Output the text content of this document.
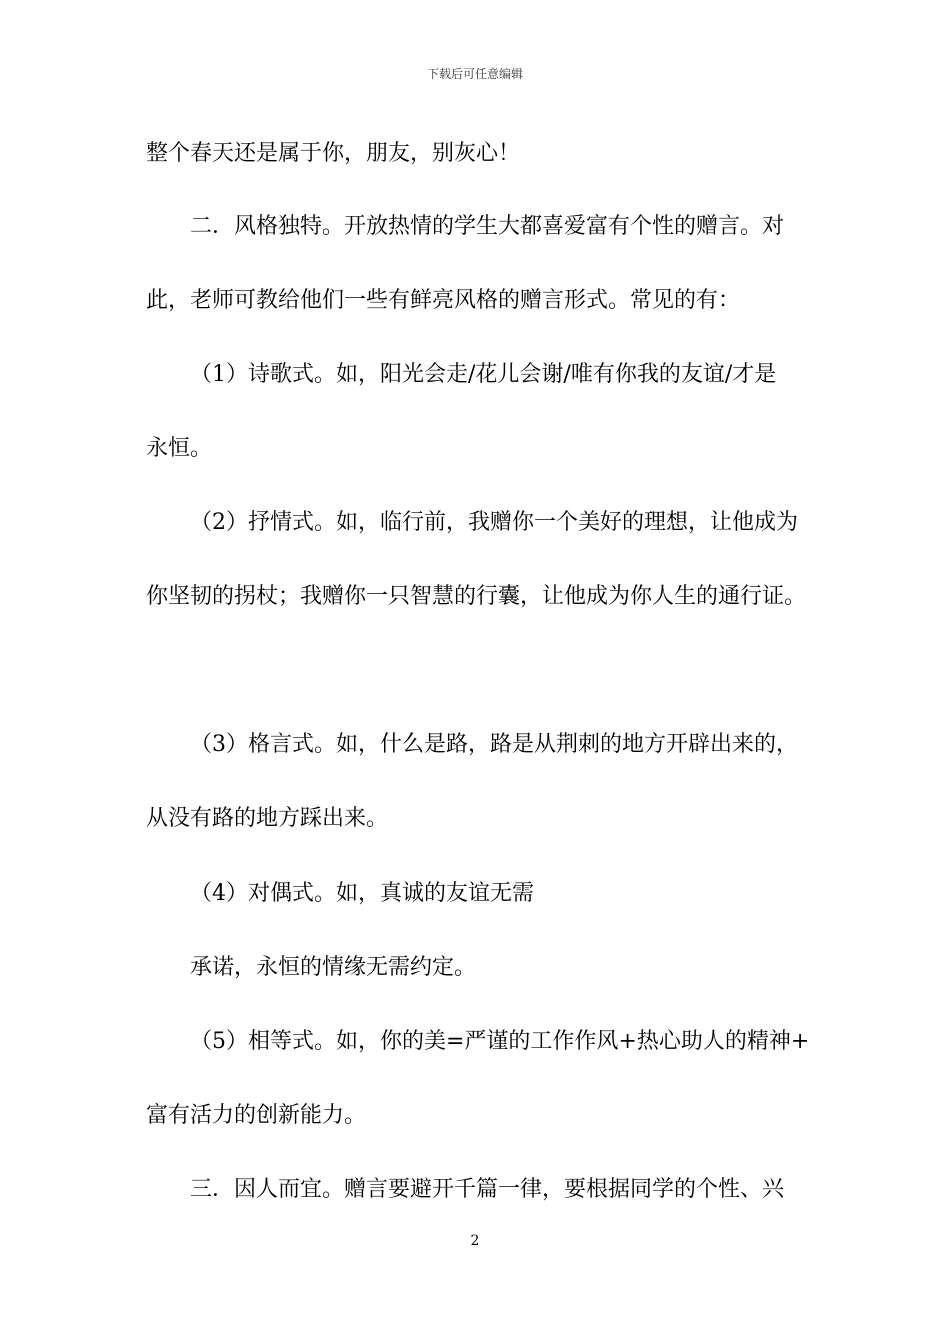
下载后可任意编辑
整个春天还是属于你，朋友，别灰心！
二．风格独特。开放热情的学生大都喜爱富有个性的赠言。对
此，老师可教给他们一些有鲜亮风格的赠言形式。常见的有：
（1）诗歌式。如，阳光会走/花儿会谢/唯有你我的友谊/才是
永恒。
（2）抒情式。如，临行前，我赠你一个美好的理想，让他成为
你坚韧的拐杖；我赠你一只智慧的行囊，让他成为你人生的通行证。
（3）格言式。如，什么是路，路是从荆刺的地方开辟出来的，
从没有路的地方踩出来。
（4）对偶式。如，真诚的友谊无需
承诺，永恒的情缘无需约定。
（5）相等式。如，你的美=严谨的工作作风+热心助人的精神+
富有活力的创新能力。
三．因人而宜。赠言要避开千篇一律，要根据同学的个性、兴
2
